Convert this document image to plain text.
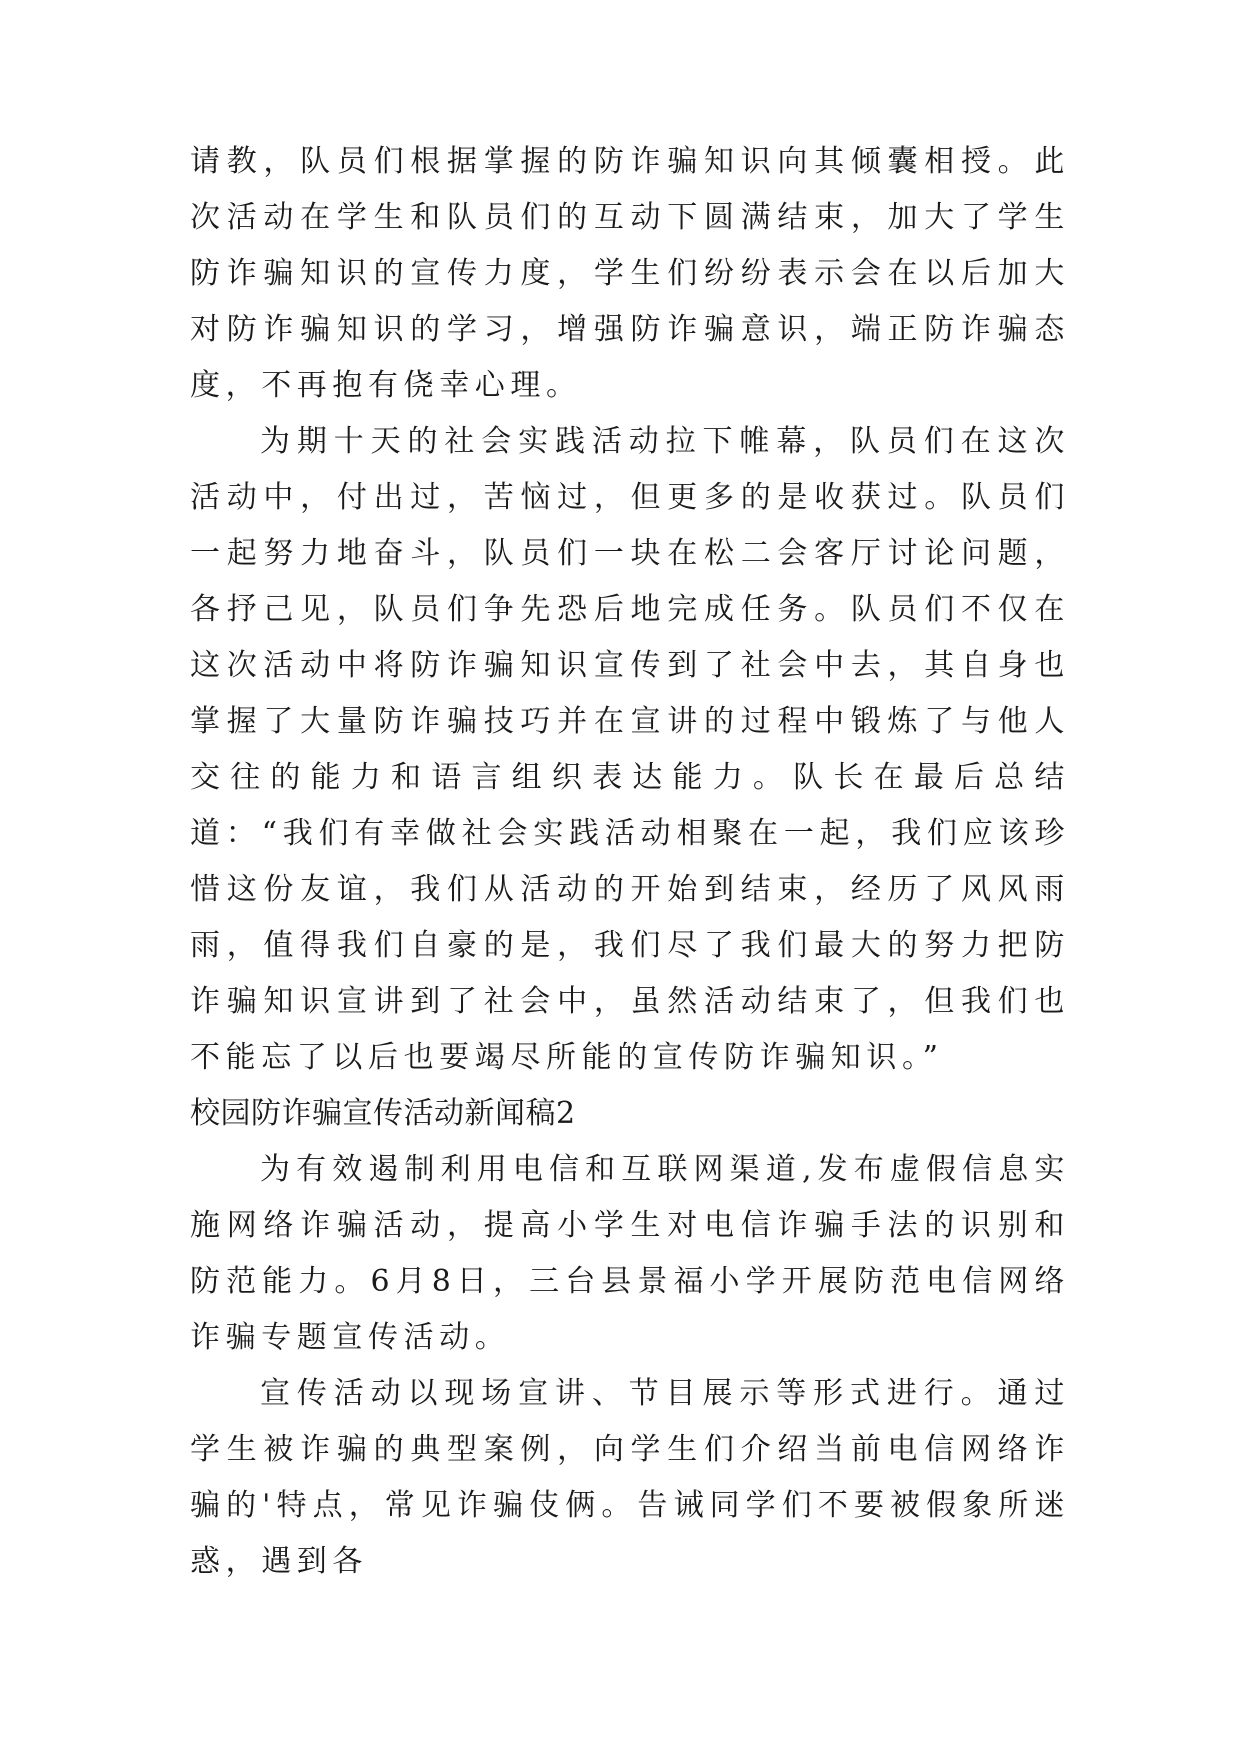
请教，队员们根据掌握的防诈骗知识向其倾囊相授。此次活动在学生和队员们的互动下圆满结束，加大了学生防诈骗知识的宣传力度，学生们纷纷表示会在以后加大对防诈骗知识的学习，增强防诈骗意识，端正防诈骗态度，不再抱有侥幸心理。

为期十天的社会实践活动拉下帷幕，队员们在这次活动中，付出过，苦恼过，但更多的是收获过。队员们一起努力地奋斗，队员们一块在松二会客厅讨论问题，各抒己见，队员们争先恐后地完成任务。队员们不仅在这次活动中将防诈骗知识宣传到了社会中去，其自身也掌握了大量防诈骗技巧并在宣讲的过程中锻炼了与他人交往的能力和语言组织表达能力。队长在最后总结道：“我们有幸做社会实践活动相聚在一起，我们应该珍惜这份友谊，我们从活动的开始到结束，经历了风风雨雨，值得我们自豪的是，我们尽了我们最大的努力把防诈骗知识宣讲到了社会中，虽然活动结束了，但我们也不能忘了以后也要竭尽所能的宣传防诈骗知识。”

校园防诈骗宣传活动新闻稿2

为有效遏制利用电信和互联网渠道,发布虚假信息实施网络诈骗活动，提高小学生对电信诈骗手法的识别和防范能力。6月8日，三台县景福小学开展防范电信网络诈骗专题宣传活动。

宣传活动以现场宣讲、节目展示等形式进行。通过学生被诈骗的典型案例，向学生们介绍当前电信网络诈骗的'特点，常见诈骗伎俩。告诫同学们不要被假象所迷惑，遇到各
